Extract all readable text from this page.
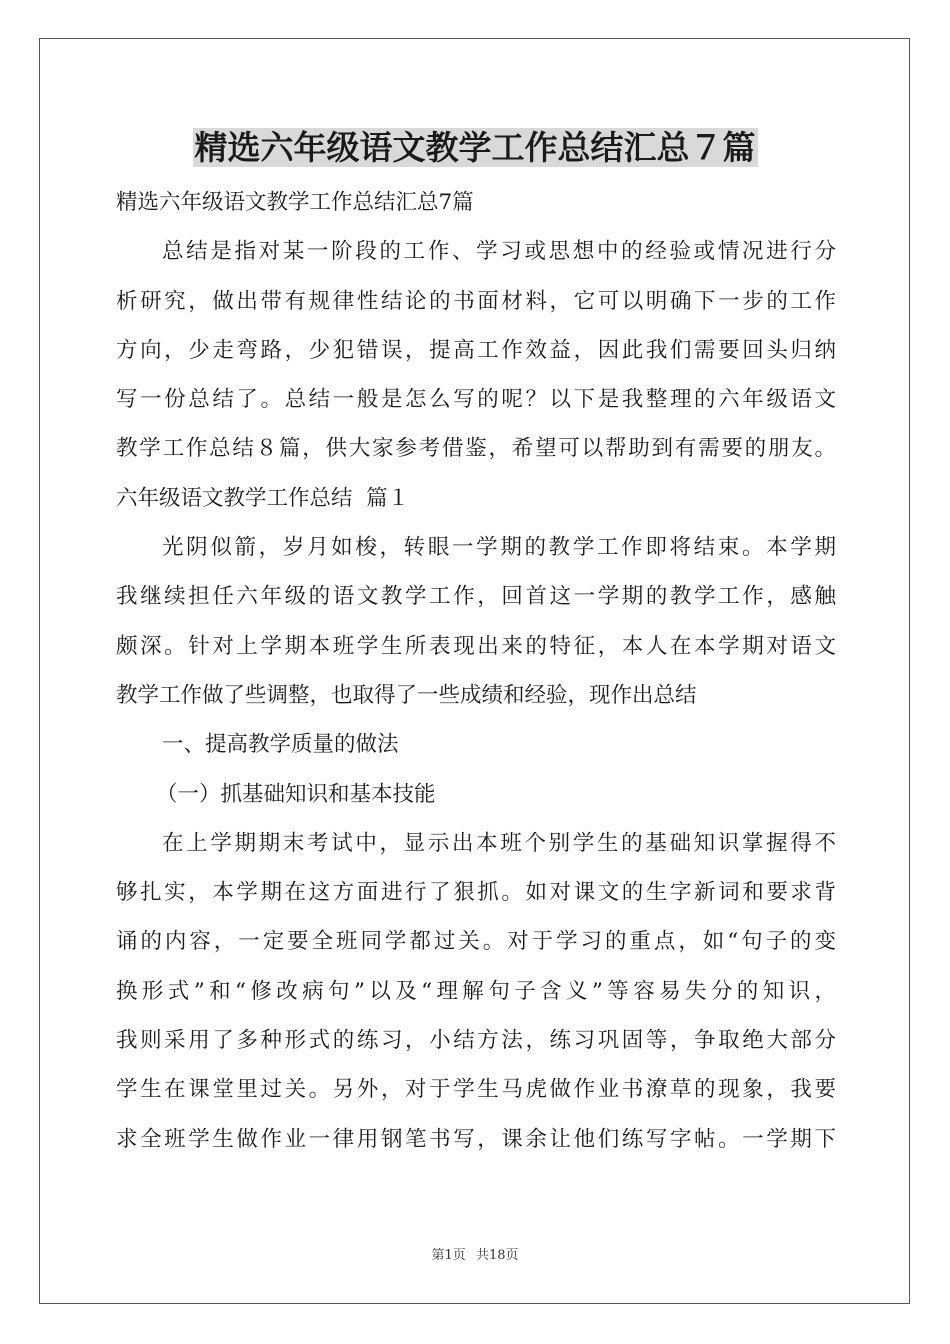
精选六年级语文教学工作总结汇总７篇
精选六年级语文教学工作总结汇总7篇
总结是指对某一阶段的工作、学习或思想中的经验或情况进行分
析研究，做出带有规律性结论的书面材料，它可以明确下一步的工作
方向，少走弯路，少犯错误，提高工作效益，因此我们需要回头归纳
写一份总结了。总结一般是怎么写的呢？以下是我整理的六年级语文
教学工作总结８篇，供大家参考借鉴，希望可以帮助到有需要的朋友。
六年级语文教学工作总结  篇１
光阴似箭，岁月如梭，转眼一学期的教学工作即将结束。本学期
我继续担任六年级的语文教学工作，回首这一学期的教学工作，感触
颇深。针对上学期本班学生所表现出来的特征，本人在本学期对语文
教学工作做了些调整，也取得了一些成绩和经验，现作出总结
一、提高教学质量的做法
（一）抓基础知识和基本技能
在上学期期末考试中，显示出本班个别学生的基础知识掌握得不
够扎实，本学期在这方面进行了狠抓。如对课文的生字新词和要求背
诵的内容，一定要全班同学都过关。对于学习的重点，如“句子的变
换形式”和“修改病句”以及“理解句子含义”等容易失分的知识，
我则采用了多种形式的练习，小结方法，练习巩固等，争取绝大部分
学生在课堂里过关。另外，对于学生马虎做作业书潦草的现象，我要
求全班学生做作业一律用钢笔书写，课余让他们练写字帖。一学期下
第1页 共18页
